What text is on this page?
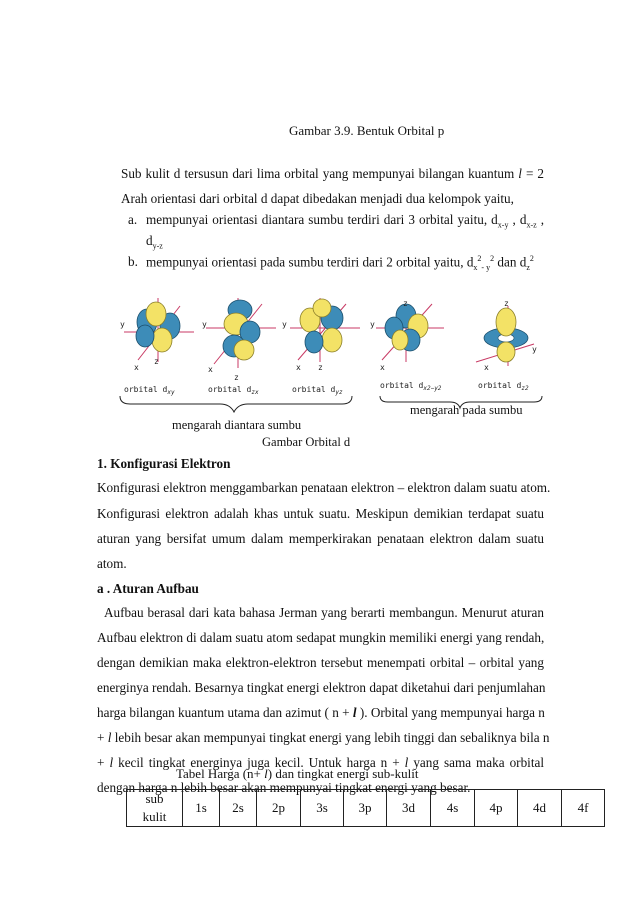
Gambar 3.9. Bentuk Orbital p
Sub kulit d tersusun dari lima orbital yang mempunyai bilangan kuantum l = 2
Arah orientasi dari orbital d dapat dibedakan menjadi dua kelompok yaitu,
a. mempunyai orientasi diantara sumbu terdiri dari 3 orbital yaitu, $d_{x-y}$ , $d_{x-z}$ ,
$d_{y-z}$
b. mempunyai orientasi pada sumbu terdiri dari 2 orbital yaitu, $d_x^2_{- y}^2$ dan $d_z^2$
y
x
z
y
x
z
y
x z
y
x
z	z
y
x
orbital $d_{xy}$	orbital $d_{zx}$	orbital $d_{yz}$
orbital $d_{x2-y2}$	orbital $d_{z2}$
mengarah pada sumbu
mengarah diantara sumbu
Gambar Orbital d
1. Konfigurasi Elektron
Konfigurasi elektron menggambarkan penataan elektron – elektron dalam suatu atom.
Konfigurasi elektron adalah khas untuk suatu. Meskipun demikian terdapat suatu
aturan yang bersifat umum dalam memperkirakan penataan elektron dalam suatu
atom.
a . Aturan Aufbau
Aufbau berasal dari kata bahasa Jerman yang berarti membangun. Menurut aturan
Aufbau elektron di dalam suatu atom sedapat mungkin memiliki energi yang rendah,
dengan demikian maka elektron-elektron tersebut menempati orbital – orbital yang
energinya rendah. Besarnya tingkat energi elektron dapat diketahui dari penjumlahan
harga bilangan kuantum utama dan azimut ( n + l ). Orbital yang mempunyai harga n
+ l lebih besar akan mempunyai tingkat energi yang lebih tinggi dan sebaliknya bila n
+ l kecil tingkat energinya juga kecil. Untuk harga n + l yang sama maka orbital
dengan harga n lebih besar akan mempunyai tingkat energi yang besar.
Tabel Harga (n+ l) dan tingkat energi sub-kulit
sub
kulit	1s	2s	2p	3s	3p	3d	4s	4p	4d	4f
